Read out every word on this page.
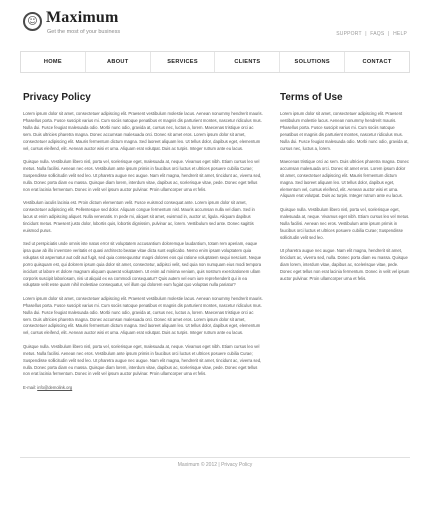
☺ Maximum
Get the most of your business	SUPPORT | FAQS | HELP
HOME	ABOUT	SERVICES	CLIENTS	SOLUTIONS	CONTACT
Privacy Policy

Lorem ipsum dolor sit amet, consectetuer adipiscing elit. Praesent vestibulum molestie lacus. Aenean nonummy hendrerit mauris. Phasellus porta. Fusce suscipit varius mi. Cum sociis natoque penatibus et magnis dis parturient montes, nascetur ridiculus mus. Nulla dui. Fusce feugiat malesuada odio. Morbi nunc odio, gravida at, cursus nec, luctus a, lorem. Maecenas tristique orci ac sem. Duis ultricies pharetra magna. Donec accumsan malesuada orci. Donec sit amet eros. Lorem ipsum dolor sit amet, consectetuer adipiscing elit. Mauris fermentum dictum magna. Sed laoreet aliquam leo. Ut tellus dolor, dapibus eget, elementum vel, cursus eleifend, elit. Aenean auctor wisi et urna. Aliquam erat volutpat. Duis ac turpis. Integer rutrum ante eu lacus.

Quisque nulla. Vestibulum libero nisl, porta vel, scelerisque eget, malesuada at, neque. Vivamus eget nibh. Etiam cursus leo vel metus. Nulla facilisi. Aenean nec eros. Vestibulum ante ipsum primis in faucibus orci luctus et ultrices posuere cubilia Curae; Suspendisse sollicitudin velit sed leo. Ut pharetra augue nec augue. Nam elit magna, hendrerit sit amet, tincidunt ac, viverra sed, nulla. Donec porta diam eu massa. Quisque diam lorem, interdum vitae, dapibus ac, scelerisque vitae, pede. Donec eget tellus non erat lacinia fermentum. Donec in velit vel ipsum auctor pulvinar. Proin ullamcorper urna et felis.

Vestibulum iaculis lacinia est. Proin dictum elementum velit. Fusce euismod consequat ante. Lorem ipsum dolor sit amet, consectetuer adipiscing elit. Pellentesque sed dolor. Aliquam congue fermentum nisl. Mauris accumsan nulla vel diam. Sed in lacus ut enim adipiscing aliquet. Nulla venenatis. In pede mi, aliquet sit amet, euismod in, auctor ut, ligula. Aliquam dapibus tincidunt metus. Praesent justo dolor, lobortis quis, lobortis dignissim, pulvinar ac, lorem. Vestibulum sed ante. Donec sagittis euismod purus.

Sed ut perspiciatis unde omnis iste natus error sit voluptatem accusantium doloremque laudantium, totam rem aperiam, eaque ipsa quae ab illo inventore veritatis et quasi architecto beatae vitae dicta sunt explicabo. Nemo enim ipsam voluptatem quia voluptas sit aspernatur aut odit aut fugit, sed quia consequuntur magni dolores eos qui ratione voluptatem sequi nesciunt. Neque porro quisquam est, qui dolorem ipsum quia dolor sit amet, consectetur, adipisci velit, sed quia non numquam eius modi tempora incidunt ut labore et dolore magnam aliquam quaerat voluptatem. Ut enim ad minima veniam, quis nostrum exercitationem ullam corporis suscipit laboriosam, nisi ut aliquid ex ea commodi consequatur? Quis autem vel eum iure reprehenderit qui in ea voluptate velit esse quam nihil molestiae consequatur, vel illum qui dolorem eum fugiat quo voluptas nulla pariatur?

Lorem ipsum dolor sit amet, consectetuer adipiscing elit. Praesent vestibulum molestie lacus. Aenean nonummy hendrerit mauris. Phasellus porta. Fusce suscipit varius mi. Cum sociis natoque penatibus et magnis dis parturient montes, nascetur ridiculus mus. Nulla dui. Fusce feugiat malesuada odio. Morbi nunc odio, gravida at, cursus nec, luctus a, lorem. Maecenas tristique orci ac sem. Duis ultricies pharetra magna. Donec accumsan malesuada orci. Donec sit amet eros. Lorem ipsum dolor sit amet, consectetuer adipiscing elit. Mauris fermentum dictum magna. Sed laoreet aliquam leo. Ut tellus dolor, dapibus eget, elementum vel, cursus eleifend, elit. Aenean auctor wisi et urna. Aliquam erat volutpat. Duis ac turpis. Integer rutrum ante eu lacus.

Quisque nulla. Vestibulum libero nisl, porta vel, scelerisque eget, malesuada at, neque. Vivamus eget nibh. Etiam cursus leo vel metus. Nulla facilisi. Aenean nec eros. Vestibulum ante ipsum primis in faucibus orci luctus et ultrices posuere cubilia Curae; Suspendisse sollicitudin velit sed leo. Ut pharetra augue nec augue. Nam elit magna, hendrerit sit amet, tincidunt ac, viverra sed, nulla. Donec porta diam eu massa. Quisque diam lorem, interdum vitae, dapibus ac, scelerisque vitae, pede. Donec eget tellus non erat lacinia fermentum. Donec in velit vel ipsum auctor pulvinar. Proin ullamcorper urna et felis.

E-mail: info@demolink.org
Terms of Use

Lorem ipsum dolor sit amet, consectetuer adipiscing elit. Praesent vestibulum molestie lacus. Aenean nonummy hendrerit mauris. Phasellus porta. Fusce suscipit varius mi. Cum sociis natoque penatibus et magnis dis parturient montes, nascetur ridiculus mus. Nulla dui. Fusce feugiat malesuada odio. Morbi nunc odio, gravida at, cursus nec, luctus a, lorem.

Maecenas tristique orci ac sem. Duis ultricies pharetra magna. Donec accumsan malesuada orci. Donec sit amet eros. Lorem ipsum dolor sit amet, consectetuer adipiscing elit. Mauris fermentum dictum magna. Sed laoreet aliquam leo. Ut tellus dolor, dapibus eget, elementum vel, cursus eleifend, elit. Aenean auctor wisi et urna. Aliquam erat volutpat. Duis ac turpis. Integer rutrum ante eu lacus.

Quisque nulla. Vestibulum libero nisl, porta vel, scelerisque eget, malesuada at, neque. Vivamus eget nibh. Etiam cursus leo vel metus. Nulla facilisi. Aenean nec eros. Vestibulum ante ipsum primis in faucibus orci luctus et ultrices posuere cubilia Curae; Suspendisse sollicitudin velit sed leo.

Ut pharetra augue nec augue. Nam elit magna, hendrerit sit amet, tincidunt ac, viverra sed, nulla. Donec porta diam eu massa. Quisque diam lorem, interdum vitae, dapibus ac, scelerisque vitae, pede. Donec eget tellus non erat lacinia fermentum. Donec in velit vel ipsum auctor pulvinar. Proin ullamcorper urna et felis.

Maximum © 2012 | Privacy Policy
